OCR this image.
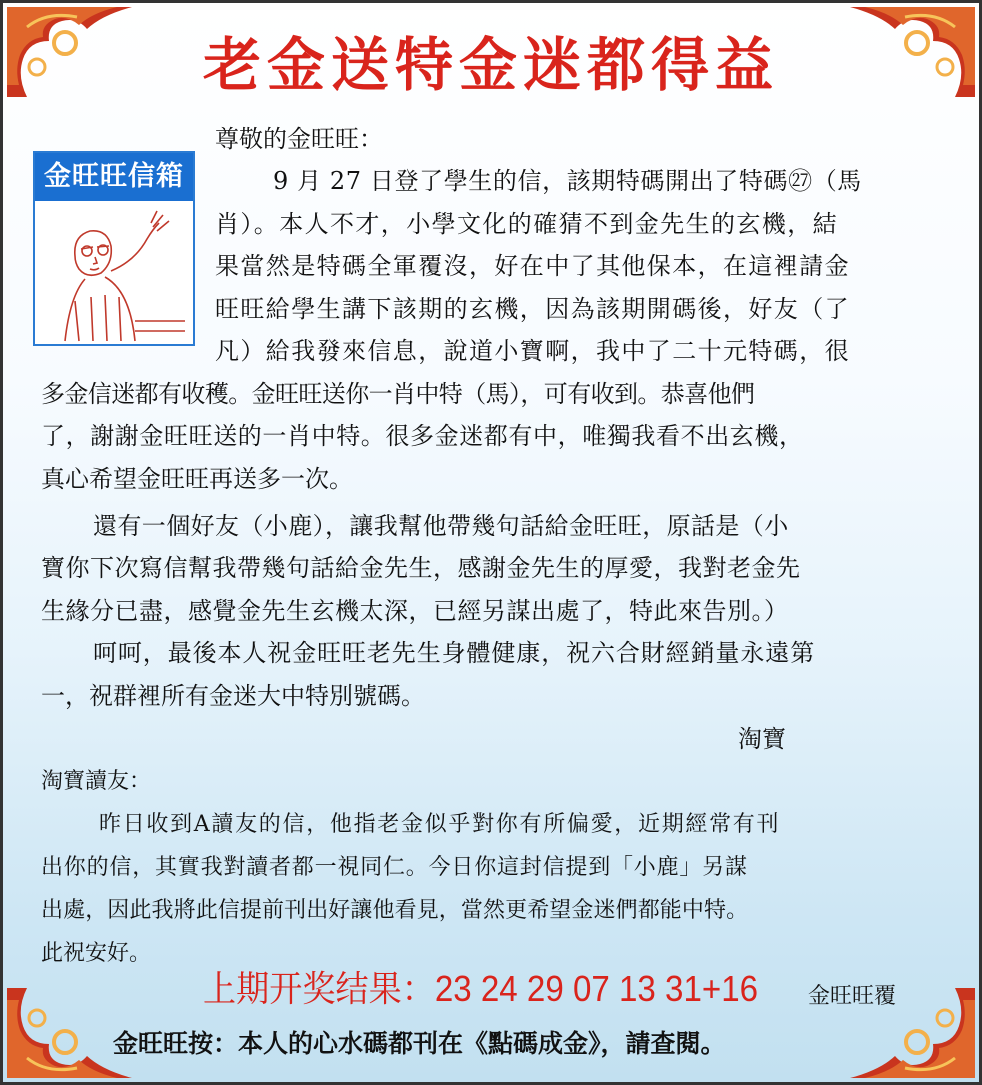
老金送特金迷都得益
金旺旺信箱
尊敬的金旺旺：
9 月 27 日登了學生的信，該期特碼開出了特碼㉗（馬
肖）。本人不才，小學文化的確猜不到金先生的玄機，結
果當然是特碼全軍覆沒，好在中了其他保本，在這裡請金
旺旺給學生講下該期的玄機，因為該期開碼後，好友（了
凡）給我發來信息，說道小寶啊，我中了二十元特碼，很
多金信迷都有收穫。金旺旺送你一肖中特（馬），可有收到。恭喜他們
了，謝謝金旺旺送的一肖中特。很多金迷都有中，唯獨我看不出玄機，
真心希望金旺旺再送多一次。
還有一個好友（小鹿），讓我幫他帶幾句話給金旺旺，原話是（小
寶你下次寫信幫我帶幾句話給金先生，感謝金先生的厚愛，我對老金先
生緣分已盡，感覺金先生玄機太深，已經另謀出處了，特此來告別。）
呵呵，最後本人祝金旺旺老先生身體健康，祝六合財經銷量永遠第
一，祝群裡所有金迷大中特別號碼。
淘寶
淘寶讀友：
昨日收到A讀友的信，他指老金似乎對你有所偏愛，近期經常有刊
出你的信，其實我對讀者都一視同仁。今日你這封信提到「小鹿」另謀
出處，因此我將此信提前刊出好讓他看見，當然更希望金迷們都能中特。
此祝安好。
上期开奖结果：23 24 29 07 13 31+16 金旺旺覆
金旺旺按：本人的心水碼都刊在《點碼成金》，請查閱。
